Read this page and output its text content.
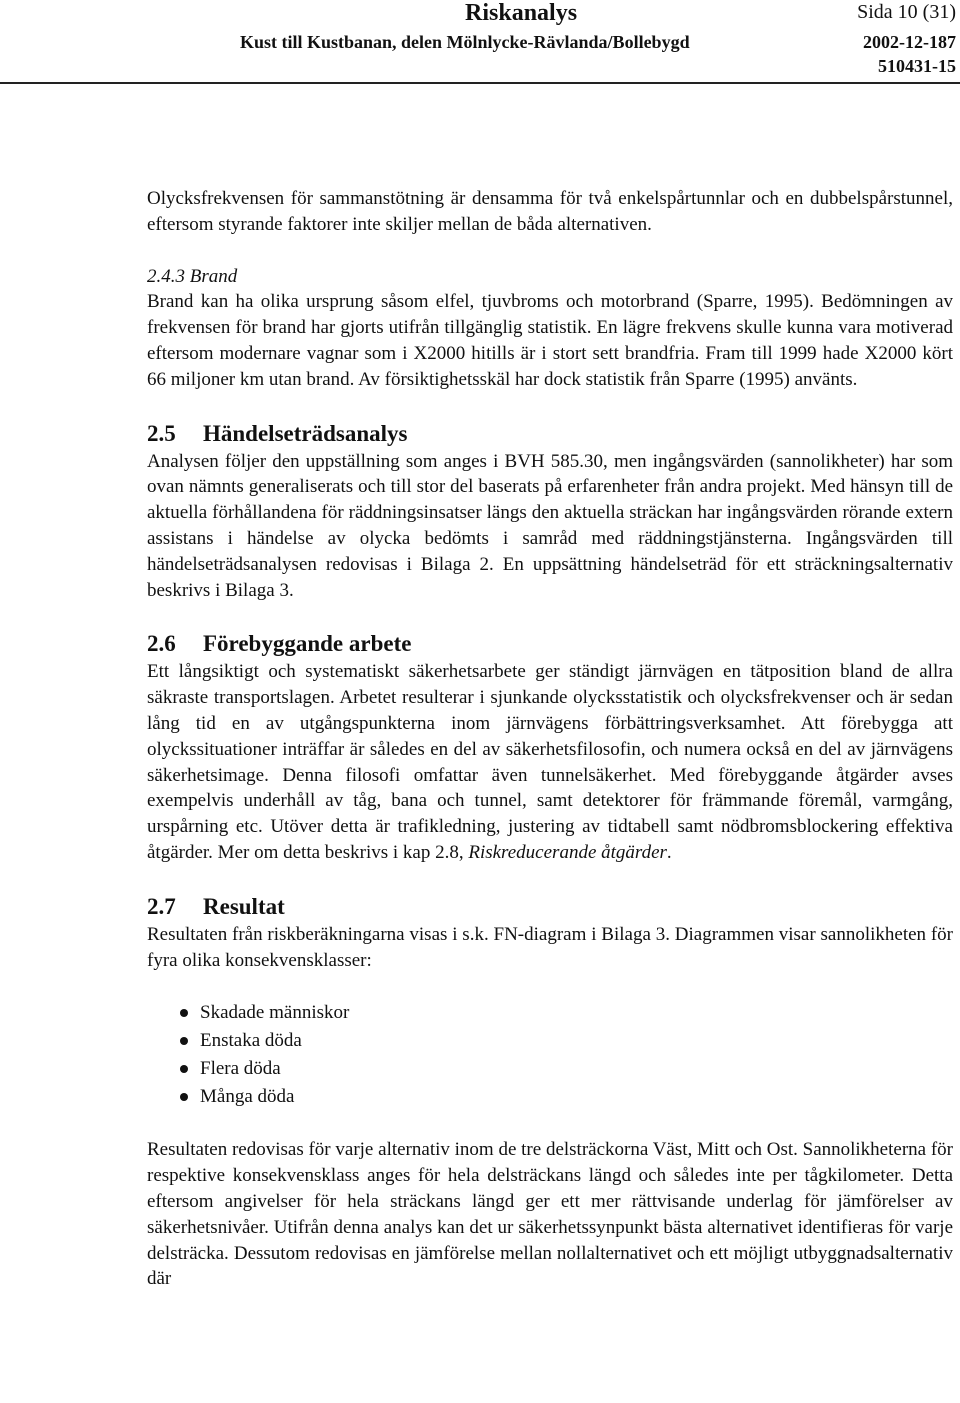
Riskanalys	Sida 10 (31)
Kust till Kustbanan, delen Mölnlycke-Rävlanda/Bollebygd	2002-12-187
510431-15

Olycksfrekvensen för sammanstötning är densamma för två enkelspårtunnlar och en dubbelspårstunnel, eftersom styrande faktorer inte skiljer mellan de båda alternativen.

2.4.3 Brand

Brand kan ha olika ursprung såsom elfel, tjuvbroms och motorbrand (Sparre, 1995). Bedömningen av frekvensen för brand har gjorts utifrån tillgänglig statistik. En lägre frekvens skulle kunna vara motiverad eftersom modernare vagnar som i X2000 hitills är i stort sett brandfria. Fram till 1999 hade X2000 kört 66 miljoner km utan brand. Av försiktighetsskäl har dock statistik från Sparre (1995) använts.

2.5 Händelseträdsanalys

Analysen följer den uppställning som anges i BVH 585.30, men ingångsvärden (sannolikheter) har som ovan nämnts generaliserats och till stor del baserats på erfarenheter från andra projekt. Med hänsyn till de aktuella förhållandena för räddningsinsatser längs den aktuella sträckan har ingångsvärden rörande extern assistans i händelse av olycka bedömts i samråd med räddningstjänsterna. Ingångsvärden till händelseträdsanalysen redovisas i Bilaga 2. En uppsättning händelseträd för ett sträckningsalternativ beskrivs i Bilaga 3.

2.6 Förebyggande arbete

Ett långsiktigt och systematiskt säkerhetsarbete ger ständigt järnvägen en tätposition bland de allra säkraste transportslagen. Arbetet resulterar i sjunkande olycksstatistik och olycksfrekvenser och är sedan lång tid en av utgångspunkterna inom järnvägens förbättringsverksamhet. Att förebygga att olyckssituationer inträffar är således en del av säkerhetsfilosofin, och numera också en del av järnvägens säkerhetsimage. Denna filosofi omfattar även tunnelsäkerhet. Med förebyggande åtgärder avses exempelvis underhåll av tåg, bana och tunnel, samt detektorer för främmande föremål, varmgång, urspårning etc. Utöver detta är trafikledning, justering av tidtabell samt nödbromsblockering effektiva åtgärder. Mer om detta beskrivs i kap 2.8, Riskreducerande åtgärder.

2.7 Resultat

Resultaten från riskberäkningarna visas i s.k. FN-diagram i Bilaga 3. Diagrammen visar sannolikheten för fyra olika konsekvensklasser:

Skadade människor
Enstaka döda
Flera döda
Många döda

Resultaten redovisas för varje alternativ inom de tre delsträckorna Väst, Mitt och Ost. Sannolikheterna för respektive konsekvensklass anges för hela delsträckans längd och således inte per tågkilometer. Detta eftersom angivelser för hela sträckans längd ger ett mer rättvisande underlag för jämförelser av säkerhetsnivåer. Utifrån denna analys kan det ur säkerhetssynpunkt bästa alternativet identifieras för varje delsträcka. Dessutom redovisas en jämförelse mellan nollalternativet och ett möjligt utbyggnadsalternativ där
